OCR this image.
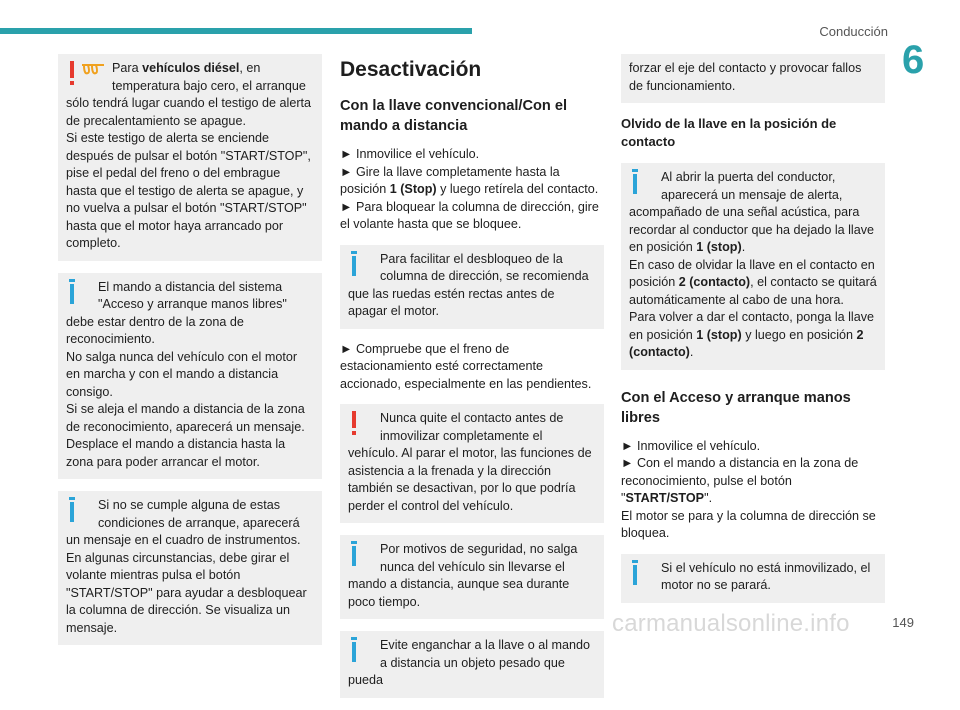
Conducción
6
Para vehículos diésel, en temperatura bajo cero, el arranque sólo tendrá lugar cuando el testigo de alerta de precalentamiento se apague.
Si este testigo de alerta se enciende después de pulsar el botón "START/STOP", pise el pedal del freno o del embrague hasta que el testigo de alerta se apague, y no vuelva a pulsar el botón "START/STOP" hasta que el motor haya arrancado por completo.
El mando a distancia del sistema "Acceso y arranque manos libres" debe estar dentro de la zona de reconocimiento.
No salga nunca del vehículo con el motor en marcha y con el mando a distancia consigo.
Si se aleja el mando a distancia de la zona de reconocimiento, aparecerá un mensaje.
Desplace el mando a distancia hasta la zona para poder arrancar el motor.
Si no se cumple alguna de estas condiciones de arranque, aparecerá un mensaje en el cuadro de instrumentos. En algunas circunstancias, debe girar el volante mientras pulsa el botón "START/STOP" para ayudar a desbloquear la columna de dirección. Se visualiza un mensaje.
Desactivación
Con la llave convencional/Con el mando a distancia
► Inmovilice el vehículo.
► Gire la llave completamente hasta la posición 1 (Stop) y luego retírela del contacto.
► Para bloquear la columna de dirección, gire el volante hasta que se bloquee.
Para facilitar el desbloqueo de la columna de dirección, se recomienda que las ruedas estén rectas antes de apagar el motor.
► Compruebe que el freno de estacionamiento esté correctamente accionado, especialmente en las pendientes.
Nunca quite el contacto antes de inmovilizar completamente el vehículo. Al parar el motor, las funciones de asistencia a la frenada y la dirección también se desactivan, por lo que podría perder el control del vehículo.
Por motivos de seguridad, no salga nunca del vehículo sin llevarse el mando a distancia, aunque sea durante poco tiempo.
Evite enganchar a la llave o al mando a distancia un objeto pesado que pueda
forzar el eje del contacto y provocar fallos de funcionamiento.
Olvido de la llave en la posición de contacto
Al abrir la puerta del conductor, aparecerá un mensaje de alerta, acompañado de una señal acústica, para recordar al conductor que ha dejado la llave en posición 1 (stop).
En caso de olvidar la llave en el contacto en posición 2 (contacto), el contacto se quitará automáticamente al cabo de una hora.
Para volver a dar el contacto, ponga la llave en posición 1 (stop) y luego en posición 2 (contacto).
Con el Acceso y arranque manos libres
► Inmovilice el vehículo.
► Con el mando a distancia en la zona de reconocimiento, pulse el botón "START/STOP".
El motor se para y la columna de dirección se bloquea.
Si el vehículo no está inmovilizado, el motor no se parará.
carmanualsonline.info	149
